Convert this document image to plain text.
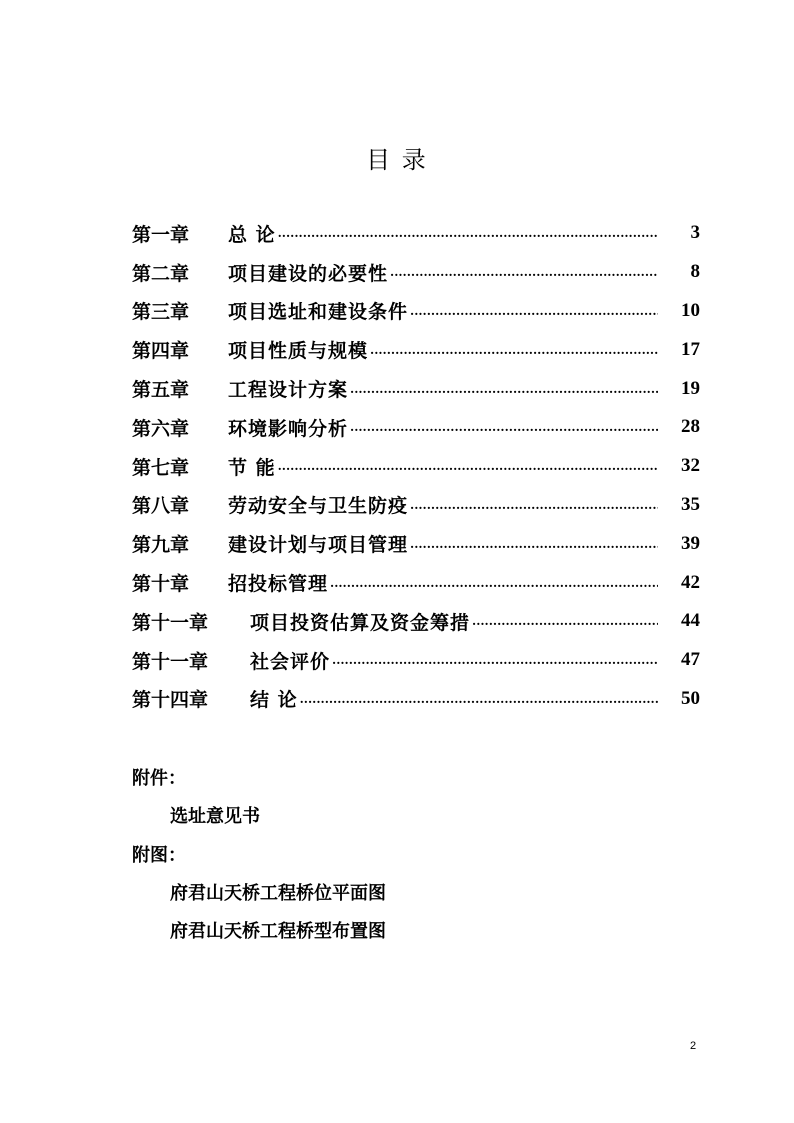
目 录
第一章	总 论 .....	3
第二章	项目建设的必要性 .....	8
第三章	项目选址和建设条件 .....	10
第四章	项目性质与规模 .....	17
第五章	工程设计方案 .....	19
第六章	环境影响分析 .....	28
第七章	节 能 .....	32
第八章	劳动安全与卫生防疫 .....	35
第九章	建设计划与项目管理 .....	39
第十章	招投标管理 .....	42
第十一章	项目投资估算及资金筹措 .....	44
第十一章	社会评价 .....	47
第十四章	结 论 .....	50
附件：
选址意见书
附图：
府君山天桥工程桥位平面图
府君山天桥工程桥型布置图
2
